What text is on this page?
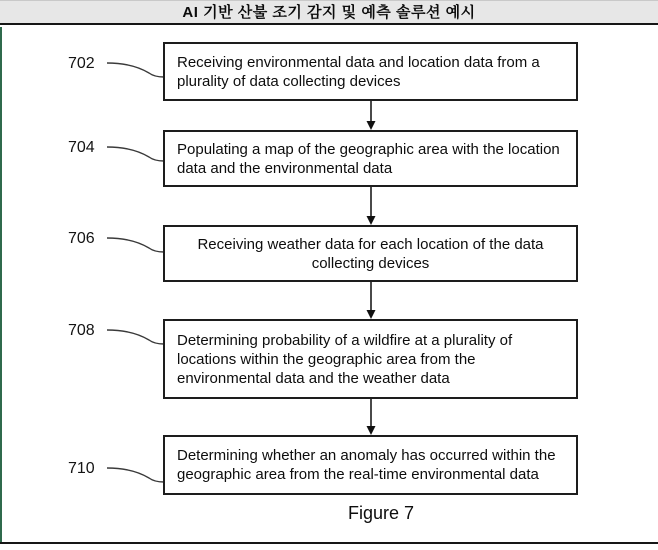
AI 기반 산불 조기 감지 및 예측 솔루션 예시
702
704
706
708
710
Receiving environmental data and location data from a plurality of data collecting devices
Populating a map of the geographic area with the location data and the environmental data
Receiving weather data for each location of the data collecting devices
Determining probability of a wildfire at a plurality of locations within the geographic area from the environmental data and the weather data
Determining whether an anomaly has occurred within the geographic area from the real-time environmental data
Figure 7
